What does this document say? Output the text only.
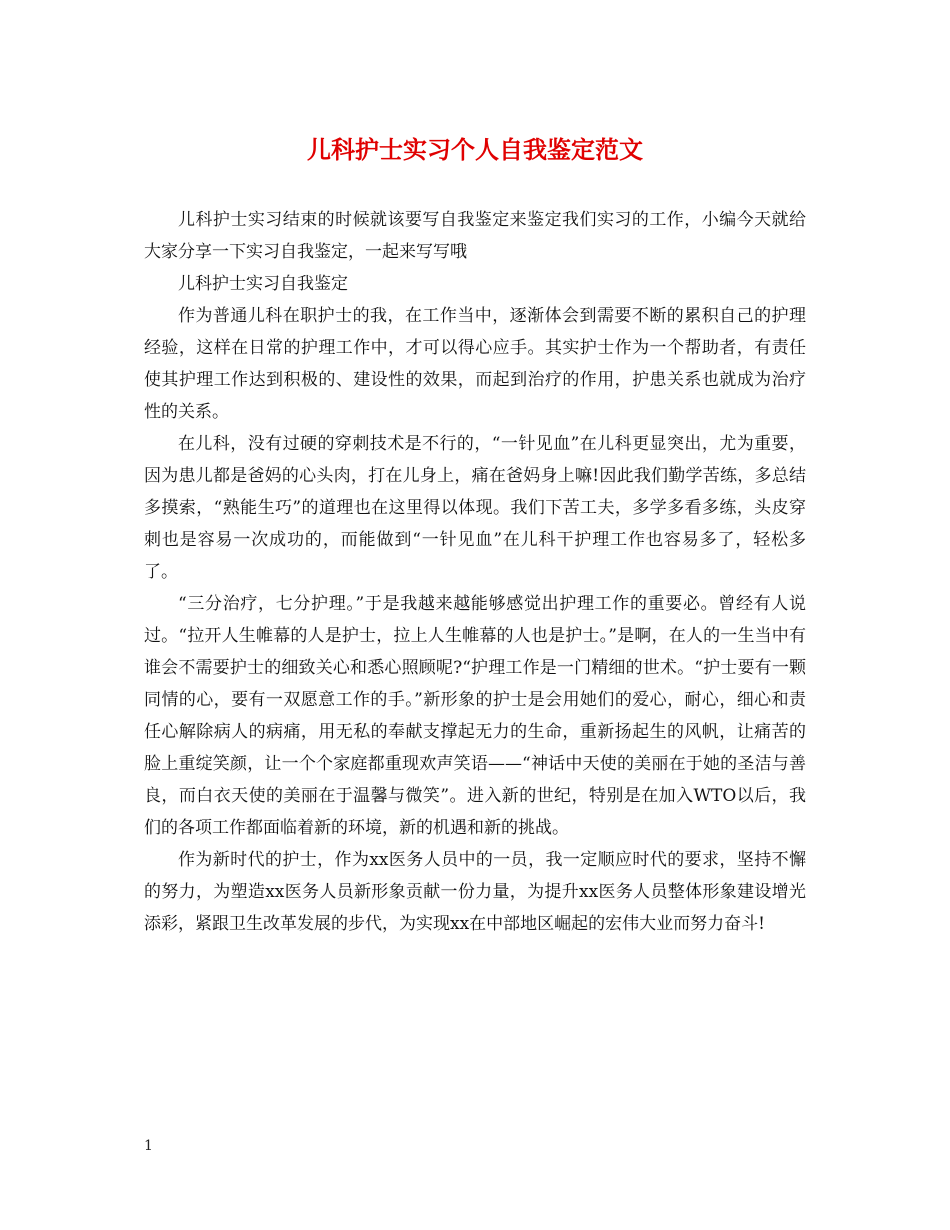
儿科护士实习个人自我鉴定范文

儿科护士实习结束的时候就该要写自我鉴定来鉴定我们实习的工作，小编今天就给大家分享一下实习自我鉴定，一起来写写哦

儿科护士实习自我鉴定

作为普通儿科在职护士的我，在工作当中，逐渐体会到需要不断的累积自己的护理经验，这样在日常的护理工作中，才可以得心应手。其实护士作为一个帮助者，有责任使其护理工作达到积极的、建设性的效果，而起到治疗的作用，护患关系也就成为治疗性的关系。

在儿科，没有过硬的穿刺技术是不行的，“一针见血”在儿科更显突出，尤为重要，因为患儿都是爸妈的心头肉，打在儿身上，痛在爸妈身上嘛!因此我们勤学苦练，多总结多摸索，“熟能生巧”的道理也在这里得以体现。我们下苦工夫，多学多看多练，头皮穿刺也是容易一次成功的，而能做到“一针见血”在儿科干护理工作也容易多了，轻松多了。

“三分治疗，七分护理。”于是我越来越能够感觉出护理工作的重要必。曾经有人说过。“拉开人生帷幕的人是护士，拉上人生帷幕的人也是护士。”是啊，在人的一生当中有谁会不需要护士的细致关心和悉心照顾呢?“护理工作是一门精细的世术。“护士要有一颗同情的心，要有一双愿意工作的手。”新形象的护士是会用她们的爱心，耐心，细心和责任心解除病人的病痛，用无私的奉献支撑起无力的生命，重新扬起生的风帆，让痛苦的脸上重绽笑颜，让一个个家庭都重现欢声笑语——“神话中天使的美丽在于她的圣洁与善良，而白衣天使的美丽在于温馨与微笑”。进入新的世纪，特别是在加入WTO以后，我们的各项工作都面临着新的环境，新的机遇和新的挑战。

作为新时代的护士，作为xx医务人员中的一员，我一定顺应时代的要求，坚持不懈的努力，为塑造xx医务人员新形象贡献一份力量，为提升xx医务人员整体形象建设增光添彩，紧跟卫生改革发展的步代，为实现xx在中部地区崛起的宏伟大业而努力奋斗!

1
